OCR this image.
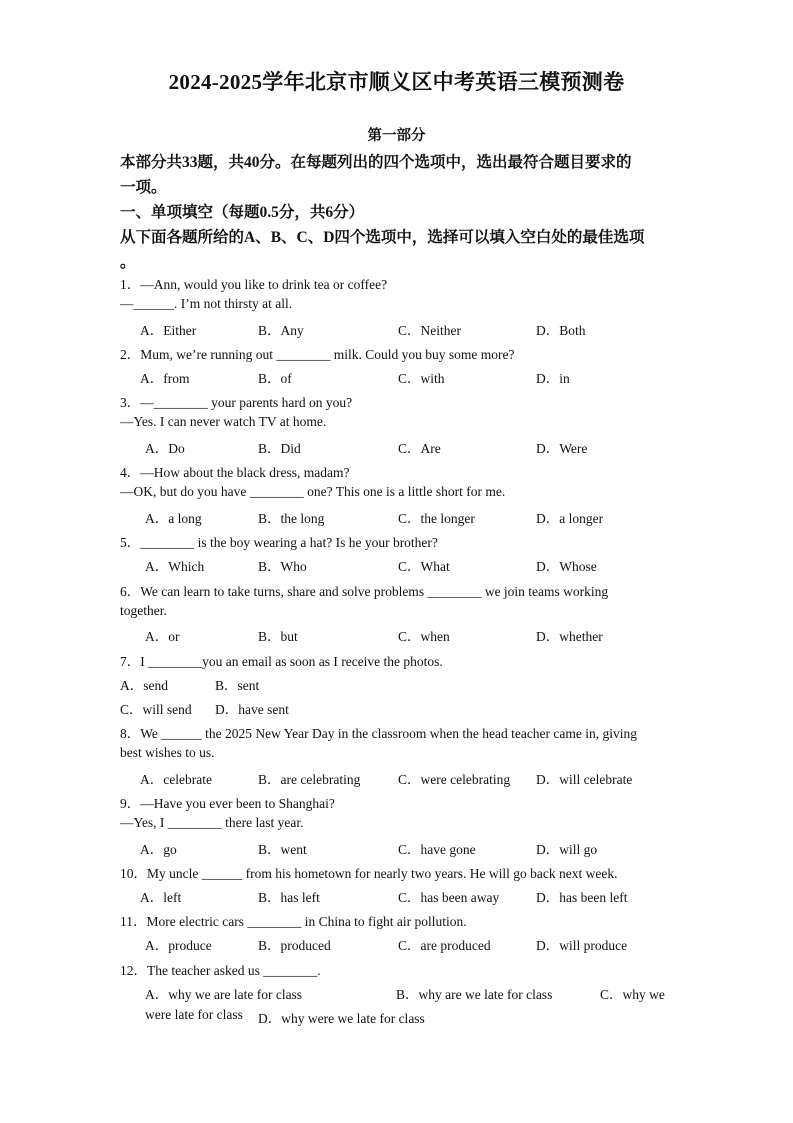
2024-2025学年北京市顺义区中考英语三模预测卷
第一部分
本部分共33题，共40分。在每题列出的四个选项中，选出最符合题目要求的
一项。
一、单项填空（每题0.5分，共6分）
从下面各题所给的A、B、C、D四个选项中，选择可以填入空白处的最佳选项
。
1．—Ann, would you like to drink tea or coffee?
—______. I’m not thirsty at all.
A．Either	B．Any	C．Neither	D．Both
2．Mum, we’re running out ________ milk. Could you buy some more?
A．from	B．of	C．with	D．in
3．—________ your parents hard on you?
—Yes. I can never watch TV at home.
A．Do	B．Did	C．Are	D．Were
4．—How about the black dress, madam?
—OK, but do you have ________ one? This one is a little short for me.
A．a long	B．the long	C．the longer	D．a longer
5．________ is the boy wearing a hat? Is he your brother?
A．Which	B．Who	C．What	D．Whose
6．We can learn to take turns, share and solve problems ________ we join teams working
together.
A．or	B．but	C．when	D．whether
7．I ________you an email as soon as I receive the photos.
A．send	B．sent
C．will send D．have sent
8．We ______ the 2025 New Year Day in the classroom when the head teacher came in, giving
best wishes to us.
A．celebrate	B．are celebrating	C．were celebrating D．will celebrate
9．—Have you ever been to Shanghai?
—Yes, I ________ there last year.
A．go	B．went	C．have gone	D．will go
10．My uncle ______ from his hometown for nearly two years. He will go back next week.
A．left	B．has left	C．has been away	D．has been left
11．More electric cars ________ in China to fight air pollution.
A．produce	B．produced	C．are produced	D．will produce
12．The teacher asked us ________.
A．why we are late for class	B．why are we late for class	C．why we
were late for class D．why were we late for class
